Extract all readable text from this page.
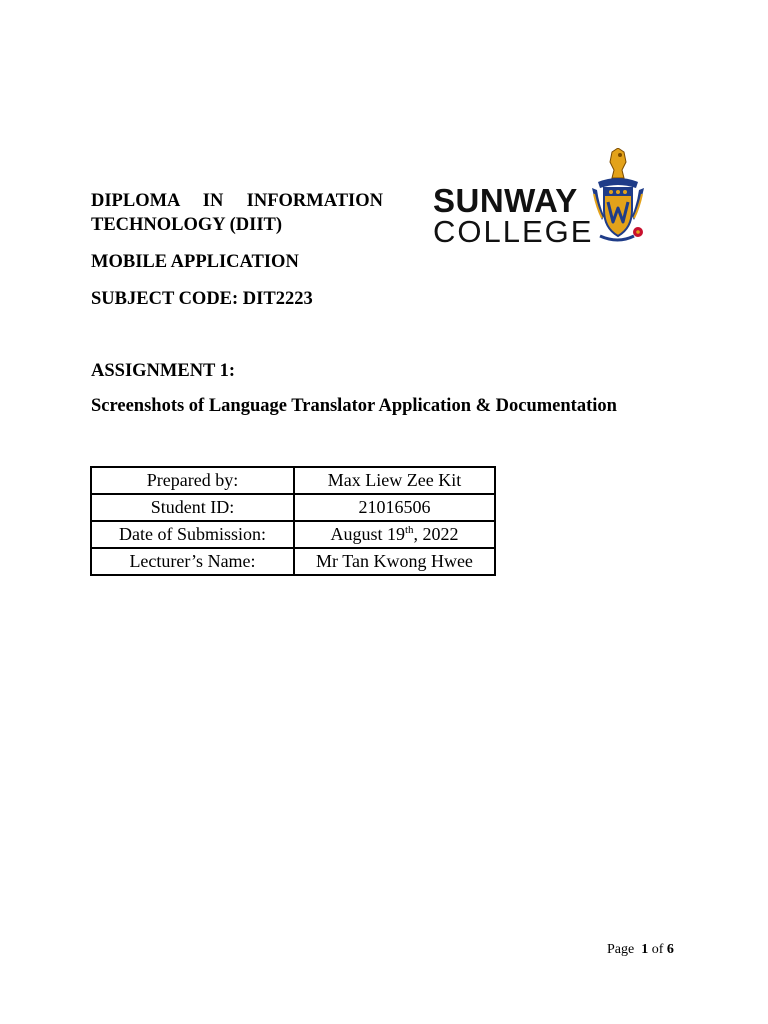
DIPLOMA IN INFORMATION

TECHNOLOGY (DIIT)

MOBILE APPLICATION

SUBJECT CODE: DIT2223

ASSIGNMENT 1:

Screenshots of Language Translator Application & Documentation

SUNWAY

COLLEGE

Prepared by:	Max Liew Zee Kit
Student ID:	21016506
Date of Submission:	August 19th, 2022
Lecturer’s Name:	Mr Tan Kwong Hwee
Page 1 of 6
